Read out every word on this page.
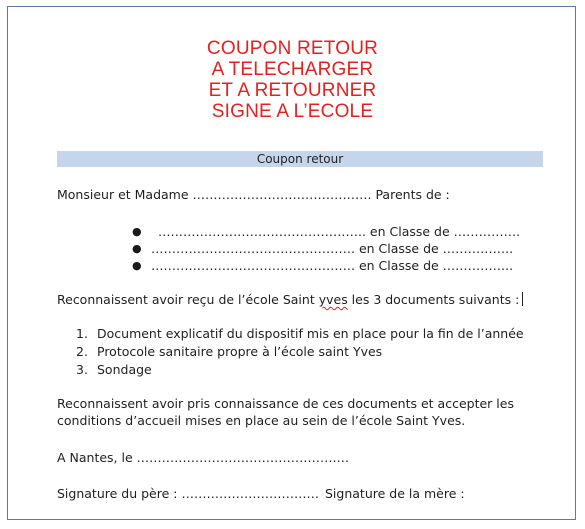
COUPON RETOUR
A TELECHARGER
ET A RETOURNER
SIGNE A L’ECOLE
Coupon retour
Monsieur et Madame ……………………………………. Parents de :
● ………………………………………….. en Classe de …………….
● …………………………………………. en Classe de ……………..
● …………………………………………. en Classe de ……………..
Reconnaissent avoir reçu de l’école Saint yves les 3 documents suivants :
1. Document explicatif du dispositif mis en place pour la fin de l’année
2. Protocole sanitaire propre à l’école saint Yves
3. Sondage
Reconnaissent avoir pris connaissance de ces documents et accepter les
conditions d’accueil mises en place au sein de l’école Saint Yves.
A Nantes, le ……………………………………………
Signature du père : …………………………… Signature de la mère :
